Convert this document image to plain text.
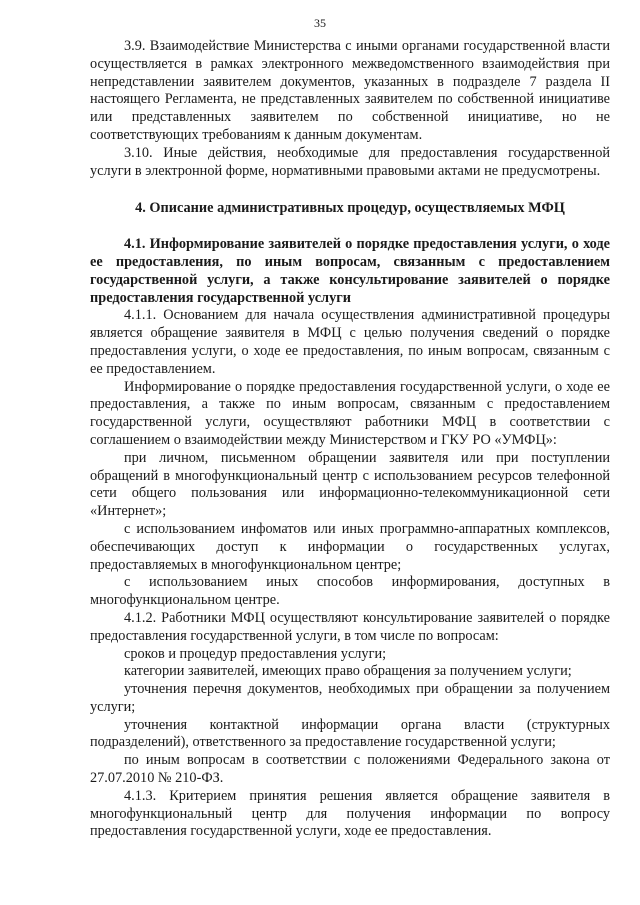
35

3.9. Взаимодействие Министерства с иными органами государственной власти осуществляется в рамках электронного межведомственного взаимодействия при непредставлении заявителем документов, указанных в подразделе 7 раздела II настоящего Регламента, не представленных заявителем по собственной инициативе или представленных заявителем по собственной инициативе, но не соответствующих требованиям к данным документам.

3.10. Иные действия, необходимые для предоставления государственной услуги в электронной форме, нормативными правовыми актами не предусмотрены.

4. Описание административных процедур, осуществляемых МФЦ
4.1. Информирование заявителей о порядке предоставления услуги, о ходе ее предоставления, по иным вопросам, связанным с предоставлением государственной услуги, а также консультирование заявителей о порядке предоставления государственной услуги

4.1.1. Основанием для начала осуществления административной процедуры является обращение заявителя в МФЦ с целью получения сведений о порядке предоставления услуги, о ходе ее предоставления, по иным вопросам, связанным с ее предоставлением.

Информирование о порядке предоставления государственной услуги, о ходе ее предоставления, а также по иным вопросам, связанным с предоставлением государственной услуги, осуществляют работники МФЦ в соответствии с соглашением о взаимодействии между Министерством и ГКУ РО «УМФЦ»:

при личном, письменном обращении заявителя или при поступлении обращений в многофункциональный центр с использованием ресурсов телефонной сети общего пользования или информационно-телекоммуникационной сети «Интернет»;

с использованием инфоматов или иных программно-аппаратных комплексов, обеспечивающих доступ к информации о государственных услугах, предоставляемых в многофункциональном центре;

с использованием иных способов информирования, доступных в многофункциональном центре.

4.1.2. Работники МФЦ осуществляют консультирование заявителей о порядке предоставления государственной услуги, в том числе по вопросам:

сроков и процедур предоставления услуги;

категории заявителей, имеющих право обращения за получением услуги;

уточнения перечня документов, необходимых при обращении за получением услуги;

уточнения контактной информации органа власти (структурных подразделений), ответственного за предоставление государственной услуги;

по иным вопросам в соответствии с положениями Федерального закона от 27.07.2010 № 210-ФЗ.

4.1.3. Критерием принятия решения является обращение заявителя в многофункциональный центр для получения информации по вопросу предоставления государственной услуги, ходе ее предоставления.
